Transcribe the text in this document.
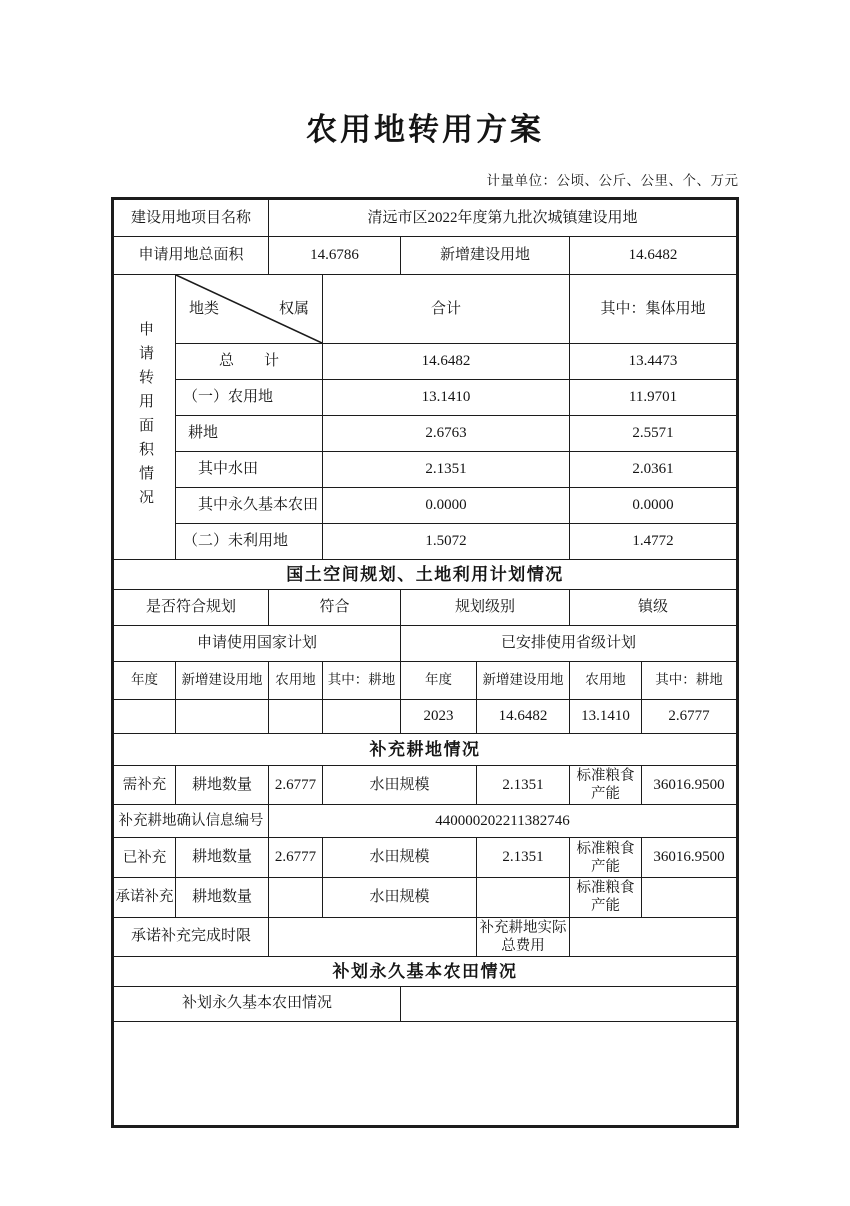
农用地转用方案
计量单位：公顷、公斤、公里、个、万元
建设用地项目名称		清远市区2022年度第九批次城镇建设用地					
申请用地总面积		14.6786		新增建设用地		14.6482	

申请转用面积情况	地类 权属		合计			其中：集体用地	
	总　　计		14.6482			13.4473	
	（一）农用地		13.1410			11.9701	
	耕地		2.6763			2.5571	
	其中水田		2.1351			2.0361	
	其中永久基本农田		0.0000			0.0000	
	（二）未利用地		1.5072			1.4772	
国土空间规划、土地利用计划情况							
是否符合规划		符合		规划级别		镇级	
申请使用国家计划				已安排使用省级计划			
年度	新增建设用地	农用地	其中：耕地	年度	新增建设用地	农用地	其中：耕地
				2023	14.6482	13.1410	2.6777
补充耕地情况							
需补充	耕地数量	2.6777	水田规模		2.1351	标准粮食产能	36016.9500
补充耕地确认信息编号		440000202211382746					
已补充	耕地数量	2.6777	水田规模		2.1351	标准粮食产能	36016.9500
承诺补充	耕地数量		水田规模			标准粮食产能	
承诺补充完成时限					补充耕地实际总费用		
补划永久基本农田情况							
补划永久基本农田情况							
